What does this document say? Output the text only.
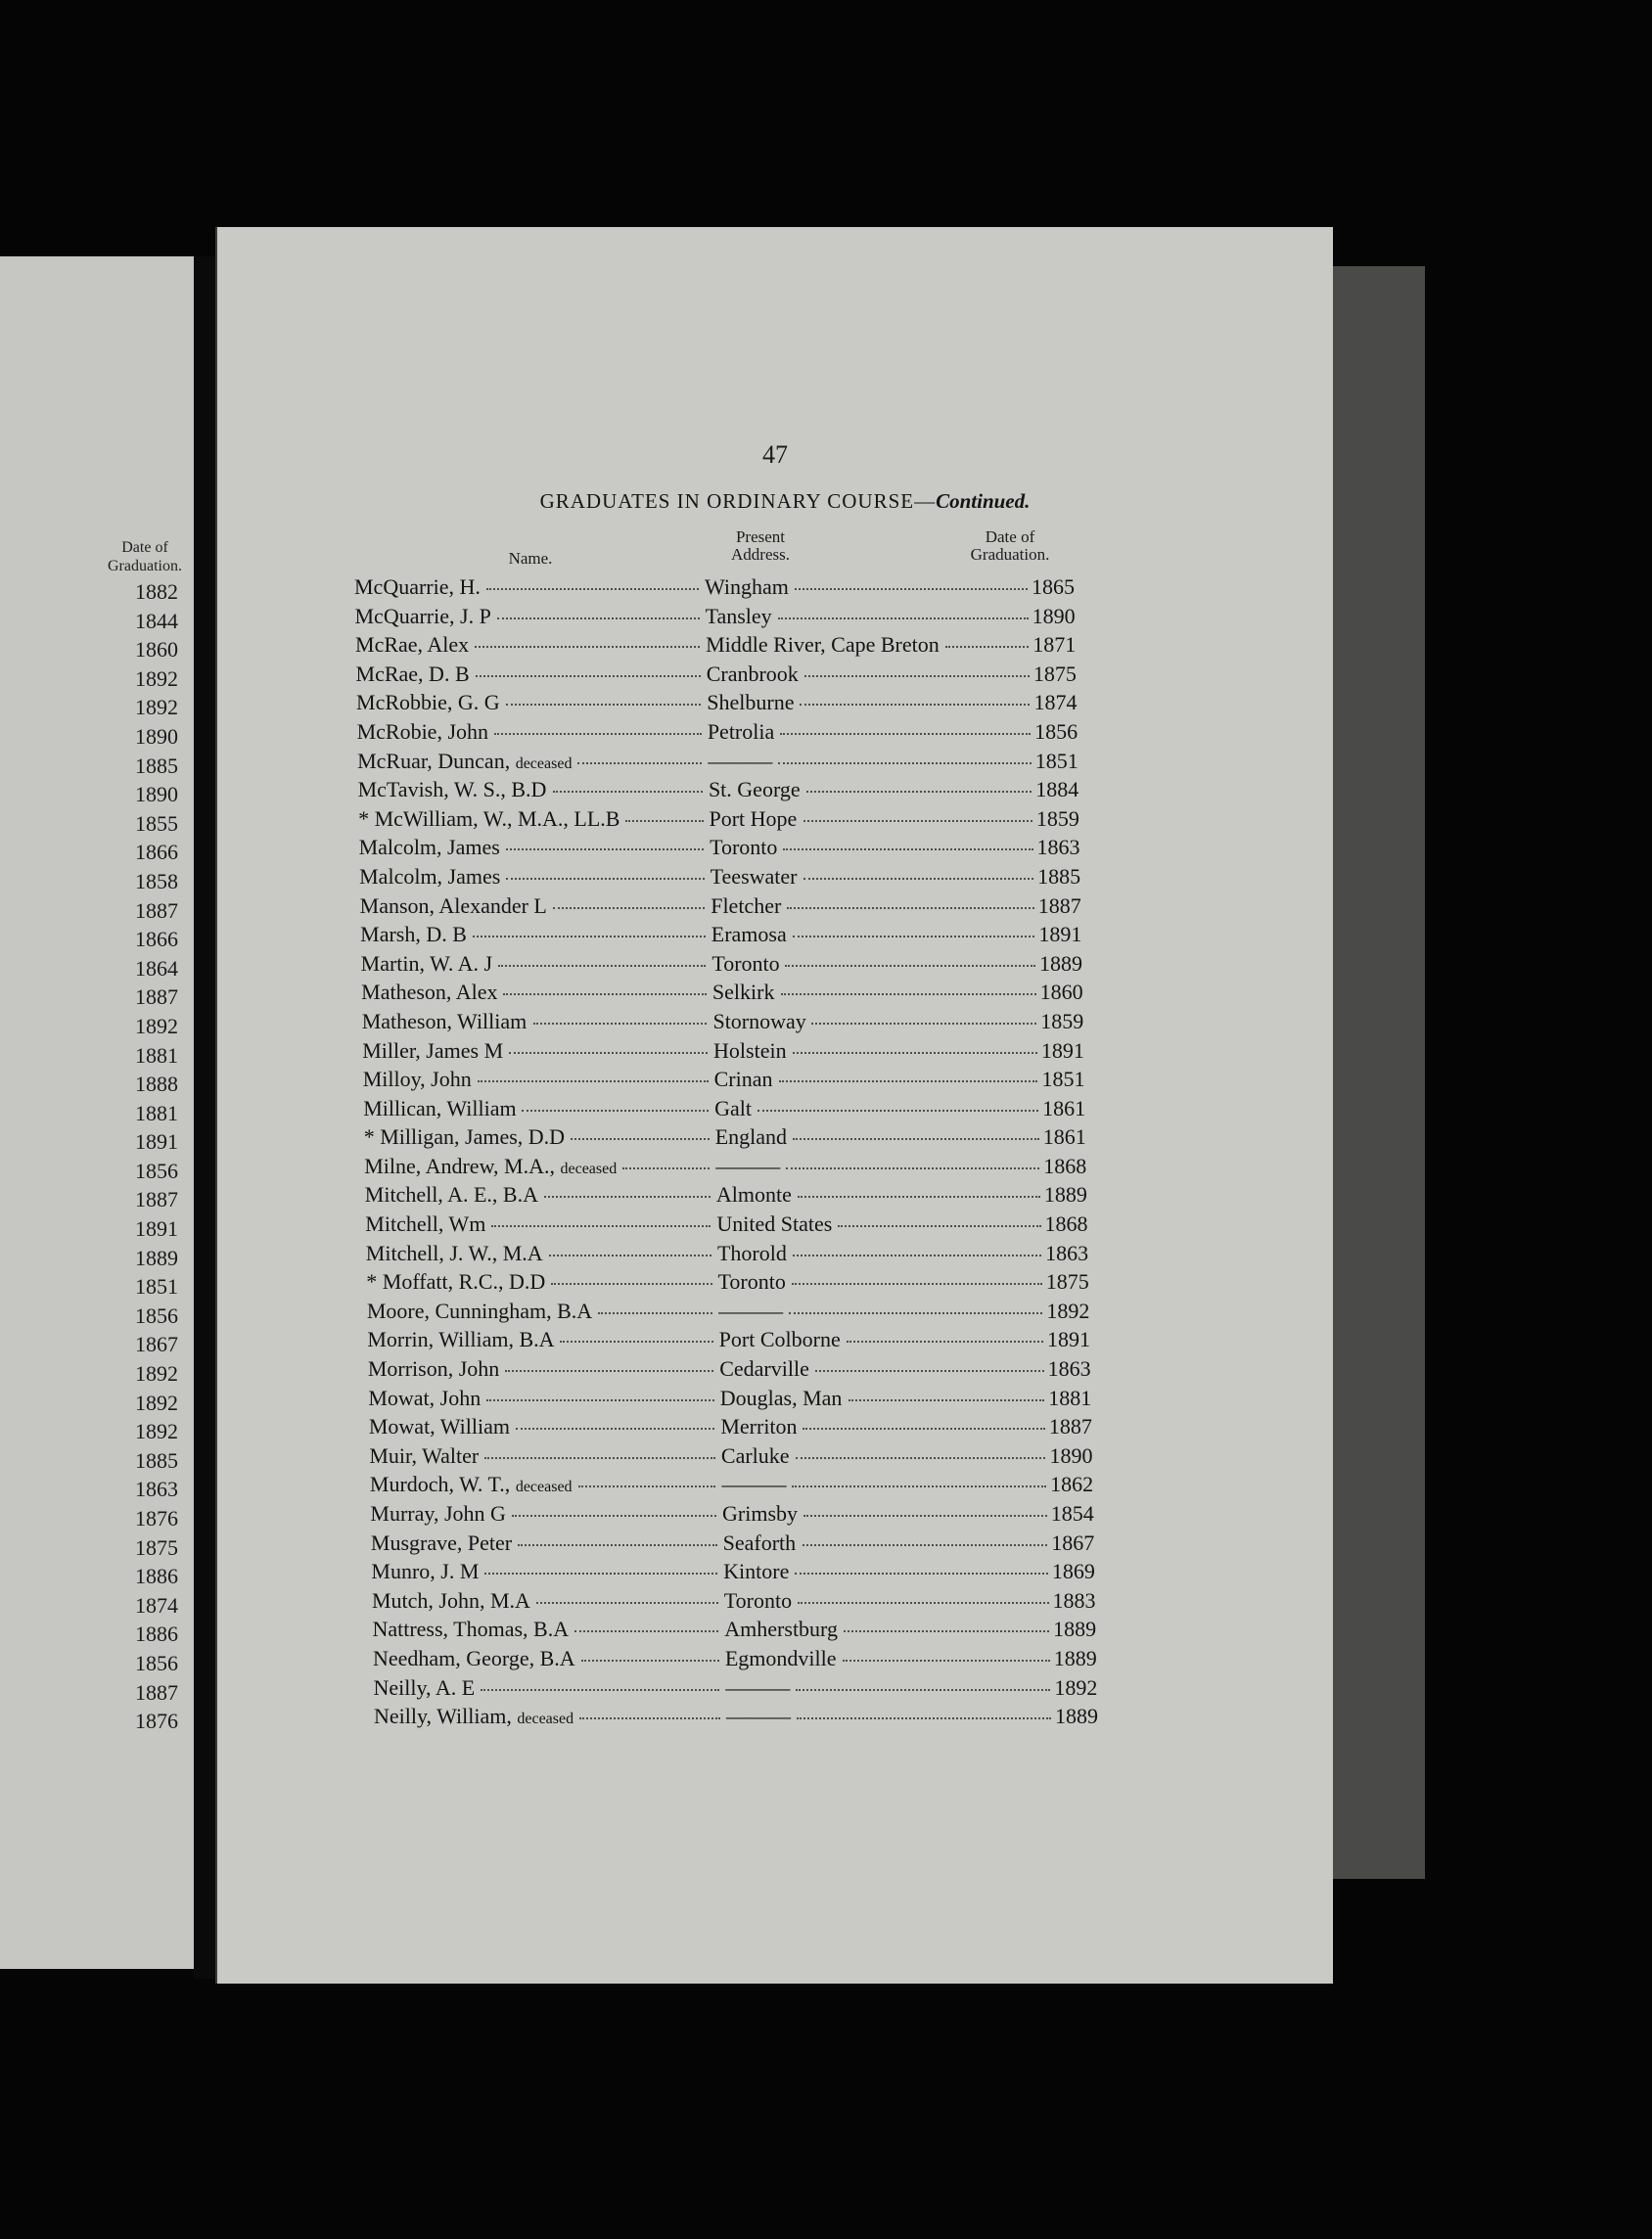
Date of
Graduation.
1882
1844
1860
1892
1892
1890
1885
1890
1855
1866
1858
1887
1866
1864
1887
1892
1881
1888
1881
1891
1856
1887
1891
1889
1851
1856
1867
1892
1892
1892
1885
1863
1876
1875
1886
1874
1886
1856
1887
1876
47
GRADUATES IN ORDINARY COURSE—Continued.
Name.
Present
Address.
Date of
Graduation.
McQuarrie, H.	Wingham	1865
McQuarrie, J. P	Tansley	1890
McRae, Alex	Middle River, Cape Breton	1871
McRae, D. B	Cranbrook	1875
McRobbie, G. G	Shelburne	1874
McRobie, John	Petrolia	1856
McRuar, Duncan, deceased	———	1851
McTavish, W. S., B.D	St. George	1884
* McWilliam, W., M.A., LL.B	Port Hope	1859
Malcolm, James	Toronto	1863
Malcolm, James	Teeswater	1885
Manson, Alexander L	Fletcher	1887
Marsh, D. B	Eramosa	1891
Martin, W. A. J	Toronto	1889
Matheson, Alex	Selkirk	1860
Matheson, William	Stornoway	1859
Miller, James M	Holstein	1891
Milloy, John	Crinan	1851
Millican, William	Galt	1861
* Milligan, James, D.D	England	1861
Milne, Andrew, M.A., deceased	———	1868
Mitchell, A. E., B.A	Almonte	1889
Mitchell, Wm	United States	1868
Mitchell, J. W., M.A	Thorold	1863
* Moffatt, R.C., D.D	Toronto	1875
Moore, Cunningham, B.A	———	1892
Morrin, William, B.A	Port Colborne	1891
Morrison, John	Cedarville	1863
Mowat, John	Douglas, Man	1881
Mowat, William	Merriton	1887
Muir, Walter	Carluke	1890
Murdoch, W. T., deceased	———	1862
Murray, John G	Grimsby	1854
Musgrave, Peter	Seaforth	1867
Munro, J. M	Kintore	1869
Mutch, John, M.A	Toronto	1883
Nattress, Thomas, B.A	Amherstburg	1889
Needham, George, B.A	Egmondville	1889
Neilly, A. E	———	1892
Neilly, William, deceased	———	1889
